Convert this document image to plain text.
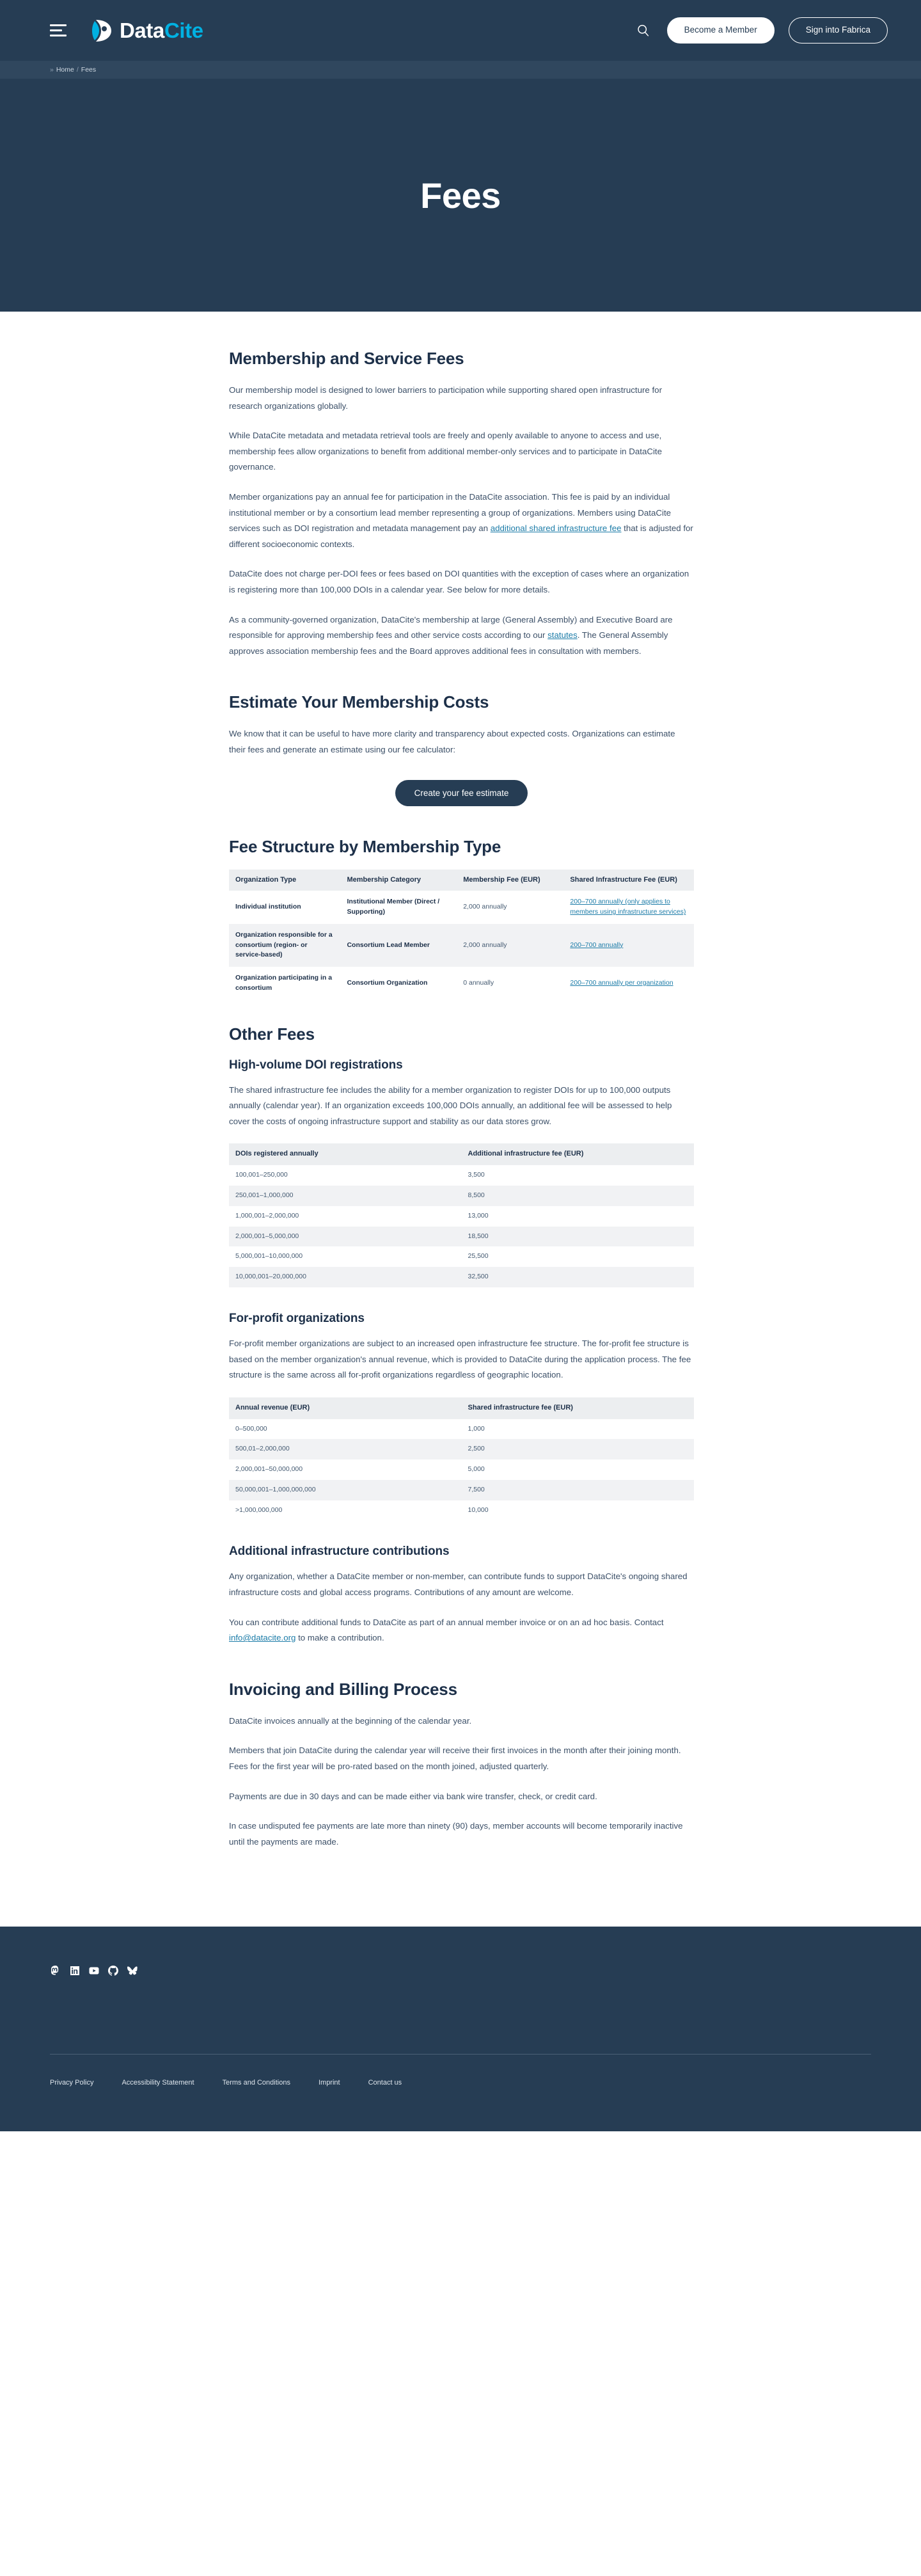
DataCite	Become a Member	Sign into Fabrica
» Home / Fees
Fees
Membership and Service Fees

Our membership model is designed to lower barriers to participation while supporting shared open infrastructure for research organizations globally.

While DataCite metadata and metadata retrieval tools are freely and openly available to anyone to access and use, membership fees allow organizations to benefit from additional member-only services and to participate in DataCite governance.

Member organizations pay an annual fee for participation in the DataCite association. This fee is paid by an individual institutional member or by a consortium lead member representing a group of organizations. Members using DataCite services such as DOI registration and metadata management pay an additional shared infrastructure fee that is adjusted for different socioeconomic contexts.

DataCite does not charge per-DOI fees or fees based on DOI quantities with the exception of cases where an organization is registering more than 100,000 DOIs in a calendar year. See below for more details.

As a community-governed organization, DataCite's membership at large (General Assembly) and Executive Board are responsible for approving membership fees and other service costs according to our statutes. The General Assembly approves association membership fees and the Board approves additional fees in consultation with members.

Estimate Your Membership Costs

We know that it can be useful to have more clarity and transparency about expected costs. Organizations can estimate their fees and generate an estimate using our fee calculator:

Create your fee estimate
Fee Structure by Membership Type
Organization Type	Membership Category	Membership Fee (EUR)	Shared Infrastructure Fee (EUR)
Individual institution	Institutional Member (Direct / Supporting)	2,000 annually	200–700 annually (only applies to members using infrastructure services)
Organization responsible for a consortium (region- or service-based)	Consortium Lead Member	2,000 annually	200–700 annually
Organization participating in a consortium	Consortium Organization	0 annually	200–700 annually per organization
Other Fees
High-volume DOI registrations

The shared infrastructure fee includes the ability for a member organization to register DOIs for up to 100,000 outputs annually (calendar year). If an organization exceeds 100,000 DOIs annually, an additional fee will be assessed to help cover the costs of ongoing infrastructure support and stability as our data stores grow.

DOIs registered annually	Additional infrastructure fee (EUR)
100,001–250,000	3,500
250,001–1,000,000	8,500
1,000,001–2,000,000	13,000
2,000,001–5,000,000	18,500
5,000,001–10,000,000	25,500
10,000,001–20,000,000	32,500
For-profit organizations

For-profit member organizations are subject to an increased open infrastructure fee structure. The for-profit fee structure is based on the member organization's annual revenue, which is provided to DataCite during the application process. The fee structure is the same across all for-profit organizations regardless of geographic location.

Annual revenue (EUR)	Shared infrastructure fee (EUR)
0–500,000	1,000
500,01–2,000,000	2,500
2,000,001–50,000,000	5,000
50,000,001–1,000,000,000	7,500
>1,000,000,000	10,000
Additional infrastructure contributions

Any organization, whether a DataCite member or non-member, can contribute funds to support DataCite's ongoing shared infrastructure costs and global access programs. Contributions of any amount are welcome.

You can contribute additional funds to DataCite as part of an annual member invoice or on an ad hoc basis. Contact info@datacite.org to make a contribution.

Invoicing and Billing Process

DataCite invoices annually at the beginning of the calendar year.

Members that join DataCite during the calendar year will receive their first invoices in the month after their joining month. Fees for the first year will be pro-rated based on the month joined, adjusted quarterly.

Payments are due in 30 days and can be made either via bank wire transfer, check, or credit card.

In case undisputed fee payments are late more than ninety (90) days, member accounts will become temporarily inactive until the payments are made.

Privacy Policy	Accessibility Statement	Terms and Conditions	Imprint	Contact us
